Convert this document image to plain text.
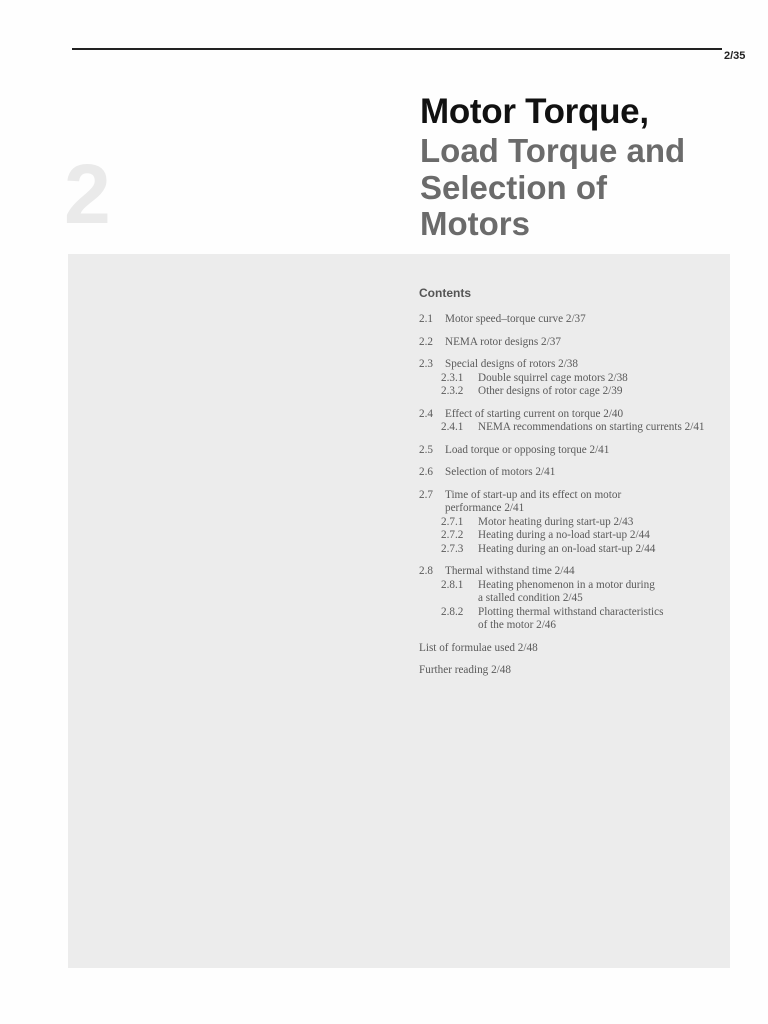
2/35
2
Motor Torque,
Load Torque and
Selection of
Motors
Contents
2.1	Motor speed–torque curve 2/37
2.2	NEMA rotor designs 2/37
2.3	Special designs of rotors 2/38
2.3.1	Double squirrel cage motors 2/38
2.3.2	Other designs of rotor cage 2/39
2.4	Effect of starting current on torque 2/40
2.4.1	NEMA recommendations on starting currents 2/41
2.5	Load torque or opposing torque 2/41
2.6	Selection of motors 2/41
2.7	Time of start-up and its effect on motor
performance 2/41
2.7.1	Motor heating during start-up 2/43
2.7.2	Heating during a no-load start-up 2/44
2.7.3	Heating during an on-load start-up 2/44
2.8	Thermal withstand time 2/44
2.8.1	Heating phenomenon in a motor during
a stalled condition 2/45
2.8.2	Plotting thermal withstand characteristics
of the motor 2/46
List of formulae used 2/48
Further reading 2/48
